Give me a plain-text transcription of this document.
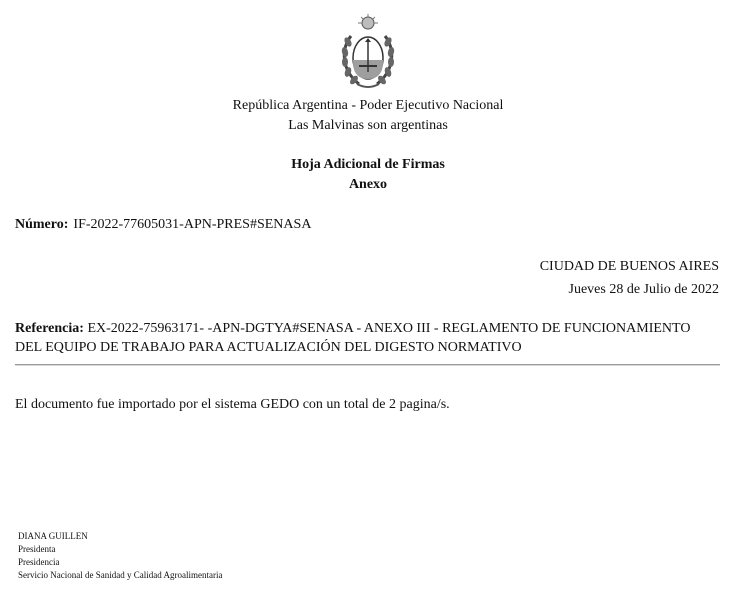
República Argentina - Poder Ejecutivo Nacional
Las Malvinas son argentinas
Hoja Adicional de Firmas
Anexo
Número: IF-2022-77605031-APN-PRES#SENASA
CIUDAD DE BUENOS AIRES
Jueves 28 de Julio de 2022
Referencia: EX-2022-75963171- -APN-DGTYA#SENASA - ANEXO III - REGLAMENTO DE FUNCIONAMIENTO DEL EQUIPO DE TRABAJO PARA ACTUALIZACIÓN DEL DIGESTO NORMATIVO
El documento fue importado por el sistema GEDO con un total de 2 pagina/s.
DIANA GUILLEN
Presidenta
Presidencia
Servicio Nacional de Sanidad y Calidad Agroalimentaria
